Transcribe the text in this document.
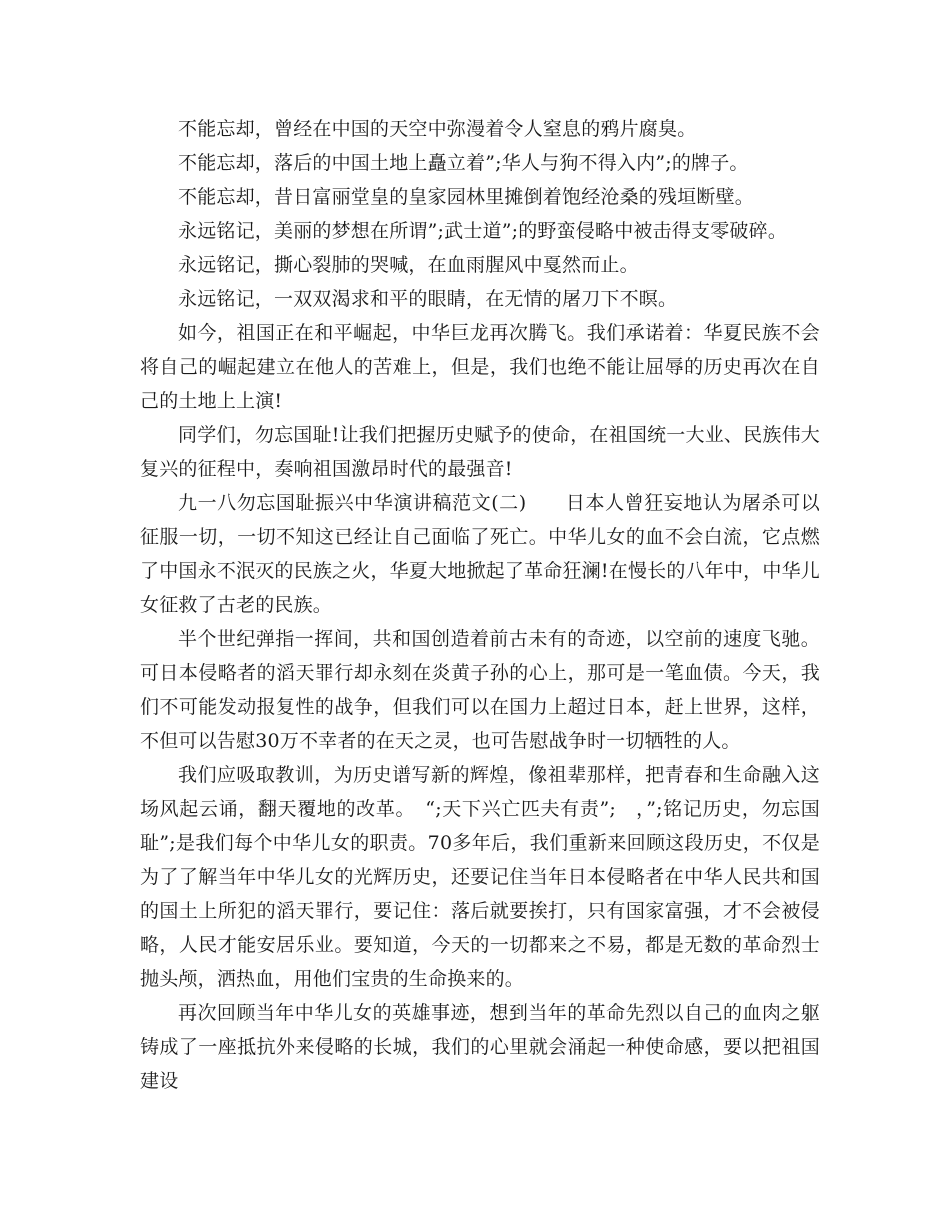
不能忘却，曾经在中国的天空中弥漫着令人窒息的鸦片腐臭。

不能忘却，落后的中国土地上矗立着”;华人与狗不得入内”;的牌子。

不能忘却，昔日富丽堂皇的皇家园林里摊倒着饱经沧桑的残垣断壁。

永远铭记，美丽的梦想在所谓”;武士道”;的野蛮侵略中被击得支零破碎。

永远铭记，撕心裂肺的哭喊，在血雨腥风中戛然而止。

永远铭记，一双双渴求和平的眼睛，在无情的屠刀下不暝。

如今，祖国正在和平崛起，中华巨龙再次腾飞。我们承诺着：华夏民族不会将自己的崛起建立在他人的苦难上，但是，我们也绝不能让屈辱的历史再次在自己的土地上上演!

同学们，勿忘国耻!让我们把握历史赋予的使命，在祖国统一大业、民族伟大复兴的征程中，奏响祖国激昂时代的最强音!

九一八勿忘国耻振兴中华演讲稿范文(二)　　日本人曾狂妄地认为屠杀可以征服一切，一切不知这已经让自己面临了死亡。中华儿女的血不会白流，它点燃了中国永不泯灭的民族之火，华夏大地掀起了革命狂澜!在慢长的八年中，中华儿女征救了古老的民族。

半个世纪弹指一挥间，共和国创造着前古未有的奇迹，以空前的速度飞驰。可日本侵略者的滔天罪行却永刻在炎黄子孙的心上，那可是一笔血债。今天，我们不可能发动报复性的战争，但我们可以在国力上超过日本，赶上世界，这样，不但可以告慰30万不幸者的在天之灵，也可告慰战争时一切牺牲的人。

我们应吸取教训，为历史谱写新的辉煌，像祖辈那样，把青春和生命融入这场风起云诵，翻天覆地的改革。　“;天下兴亡匹夫有责”;　，”;铭记历史，勿忘国耻”;是我们每个中华儿女的职责。70多年后，我们重新来回顾这段历史，不仅是为了了解当年中华儿女的光辉历史，还要记住当年日本侵略者在中华人民共和国的国土上所犯的滔天罪行，要记住：落后就要挨打，只有国家富强，才不会被侵略，人民才能安居乐业。要知道，今天的一切都来之不易，都是无数的革命烈士抛头颅，洒热血，用他们宝贵的生命换来的。

再次回顾当年中华儿女的英雄事迹，想到当年的革命先烈以自己的血肉之躯铸成了一座抵抗外来侵略的长城，我们的心里就会涌起一种使命感，要以把祖国建设
